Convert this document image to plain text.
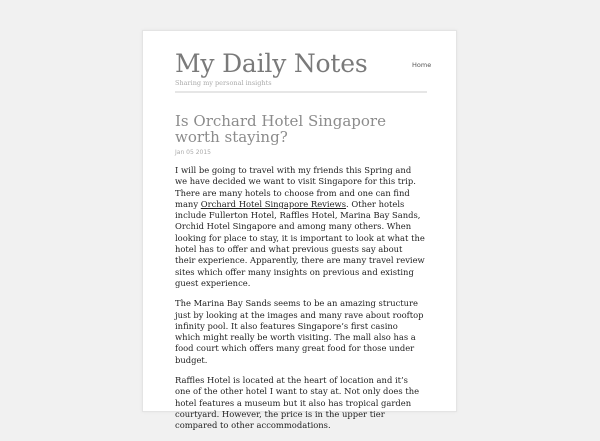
My Daily Notes
Sharing my personal insights
Home
Is Orchard Hotel Singapore worth staying?
Jan 05 2015

I will be going to travel with my friends this Spring and we have decided we want to visit Singapore for this trip. There are many hotels to choose from and one can find many Orchard Hotel Singapore Reviews. Other hotels include Fullerton Hotel, Raffles Hotel, Marina Bay Sands, Orchid Hotel Singapore and among many others. When looking for place to stay, it is important to look at what the hotel has to offer and what previous guests say about their experience. Apparently, there are many travel review sites which offer many insights on previous and existing guest experience.

The Marina Bay Sands seems to be an amazing structure just by looking at the images and many rave about rooftop infinity pool. It also features Singapore’s first casino which might really be worth visiting. The mall also has a food court which offers many great food for those under budget.

Raffles Hotel is located at the heart of location and it’s one of the other hotel I want to stay at. Not only does the hotel features a museum but it also has tropical garden courtyard. However, the price is in the upper tier compared to other accommodations.
